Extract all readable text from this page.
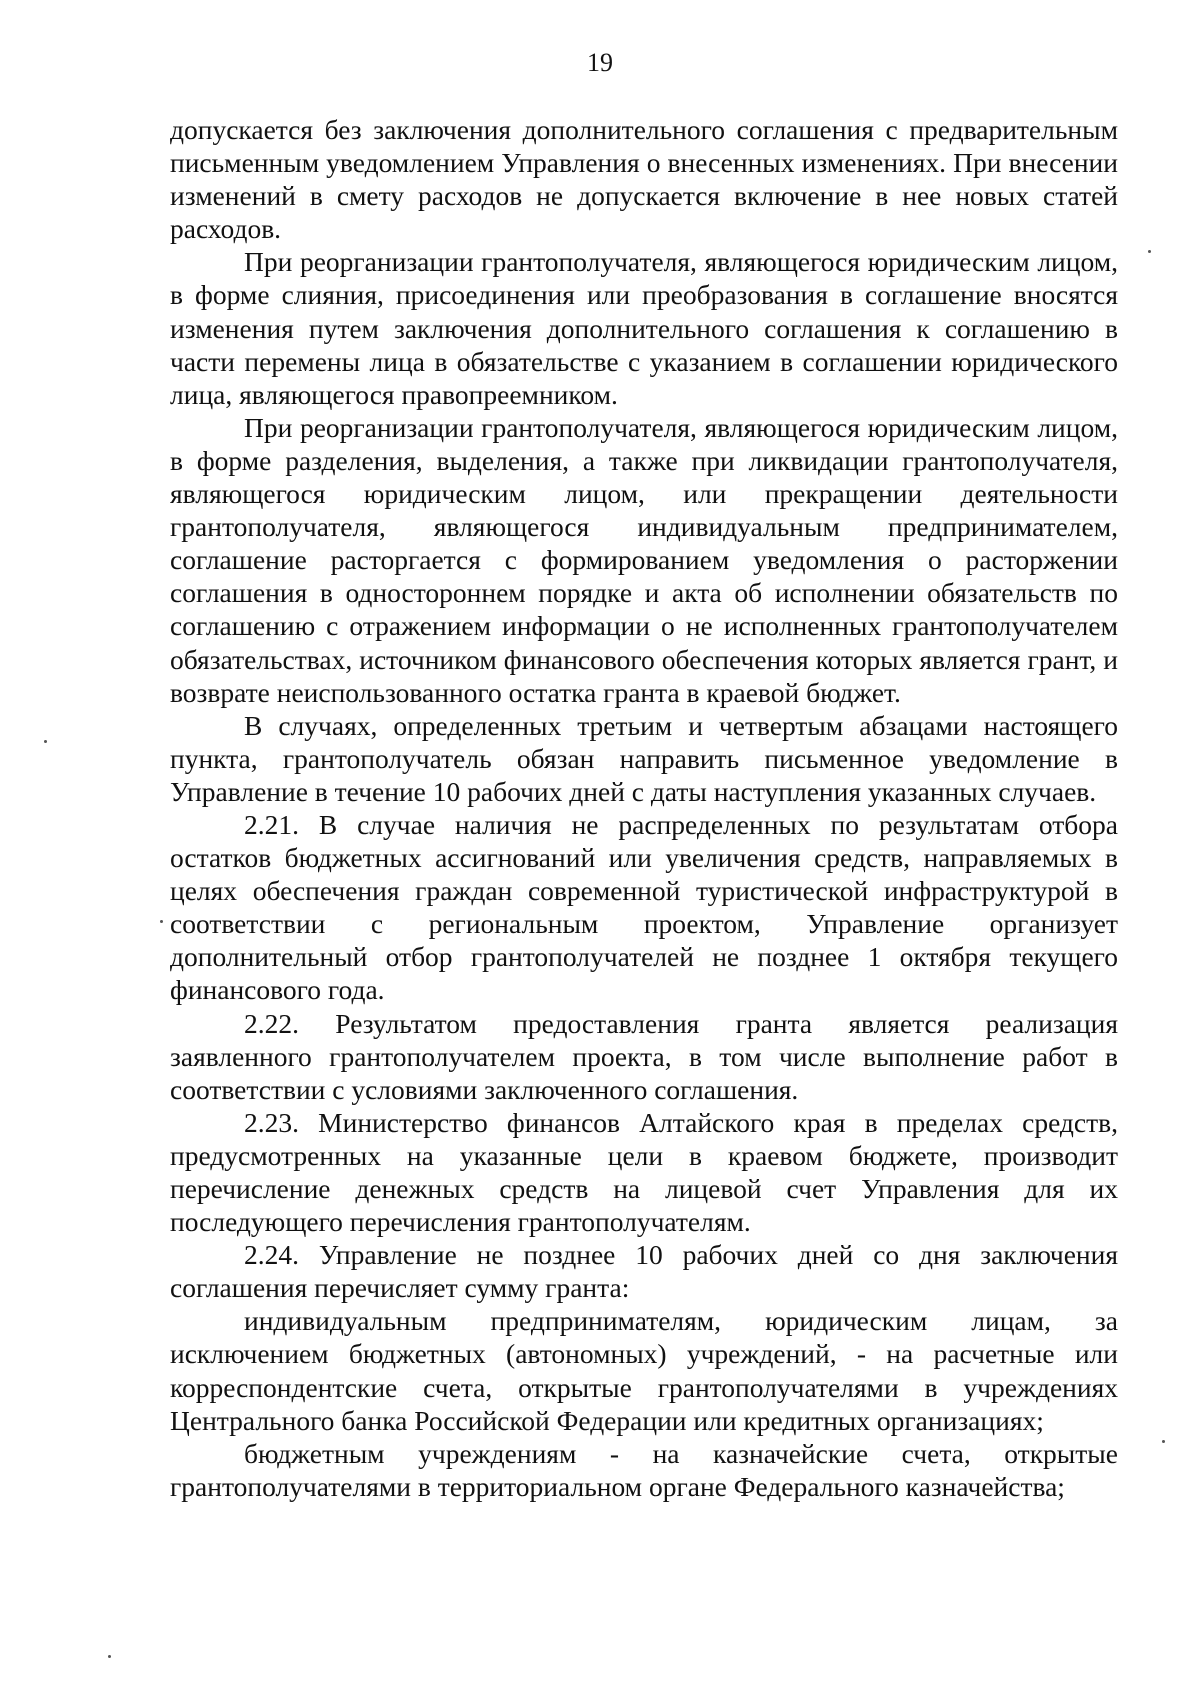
19

допускается без заключения дополнительного соглашения с предварительным письменным уведомлением Управления о внесенных изменениях. При внесении изменений в смету расходов не допускается включение в нее новых статей расходов.

При реорганизации грантополучателя, являющегося юридическим лицом, в форме слияния, присоединения или преобразования в соглашение вносятся изменения путем заключения дополнительного соглашения к соглашению в части перемены лица в обязательстве с указанием в соглашении юридического лица, являющегося правопреемником.

При реорганизации грантополучателя, являющегося юридическим лицом, в форме разделения, выделения, а также при ликвидации грантополучателя, являющегося юридическим лицом, или прекращении деятельности грантополучателя, являющегося индивидуальным предпринимателем, соглашение расторгается с формированием уведомления о расторжении соглашения в одностороннем порядке и акта об исполнении обязательств по соглашению с отражением информации о не исполненных грантополучателем обязательствах, источником финансового обеспечения которых является грант, и возврате неиспользованного остатка гранта в краевой бюджет.

В случаях, определенных третьим и четвертым абзацами настоящего пункта, грантополучатель обязан направить письменное уведомление в Управление в течение 10 рабочих дней с даты наступления указанных случаев.

2.21. В случае наличия не распределенных по результатам отбора остатков бюджетных ассигнований или увеличения средств, направляемых в целях обеспечения граждан современной туристической инфраструктурой в соответствии с региональным проектом, Управление организует дополнительный отбор грантополучателей не позднее 1 октября текущего финансового года.

2.22. Результатом предоставления гранта является реализация заявленного грантополучателем проекта, в том числе выполнение работ в соответствии с условиями заключенного соглашения.

2.23. Министерство финансов Алтайского края в пределах средств, предусмотренных на указанные цели в краевом бюджете, производит перечисление денежных средств на лицевой счет Управления для их последующего перечисления грантополучателям.

2.24. Управление не позднее 10 рабочих дней со дня заключения соглашения перечисляет сумму гранта:

индивидуальным предпринимателям, юридическим лицам, за исключением бюджетных (автономных) учреждений, - на расчетные или корреспондентские счета, открытые грантополучателями в учреждениях Центрального банка Российской Федерации или кредитных организациях;

бюджетным учреждениям - на казначейские счета, открытые грантополучателями в территориальном органе Федерального казначейства;
